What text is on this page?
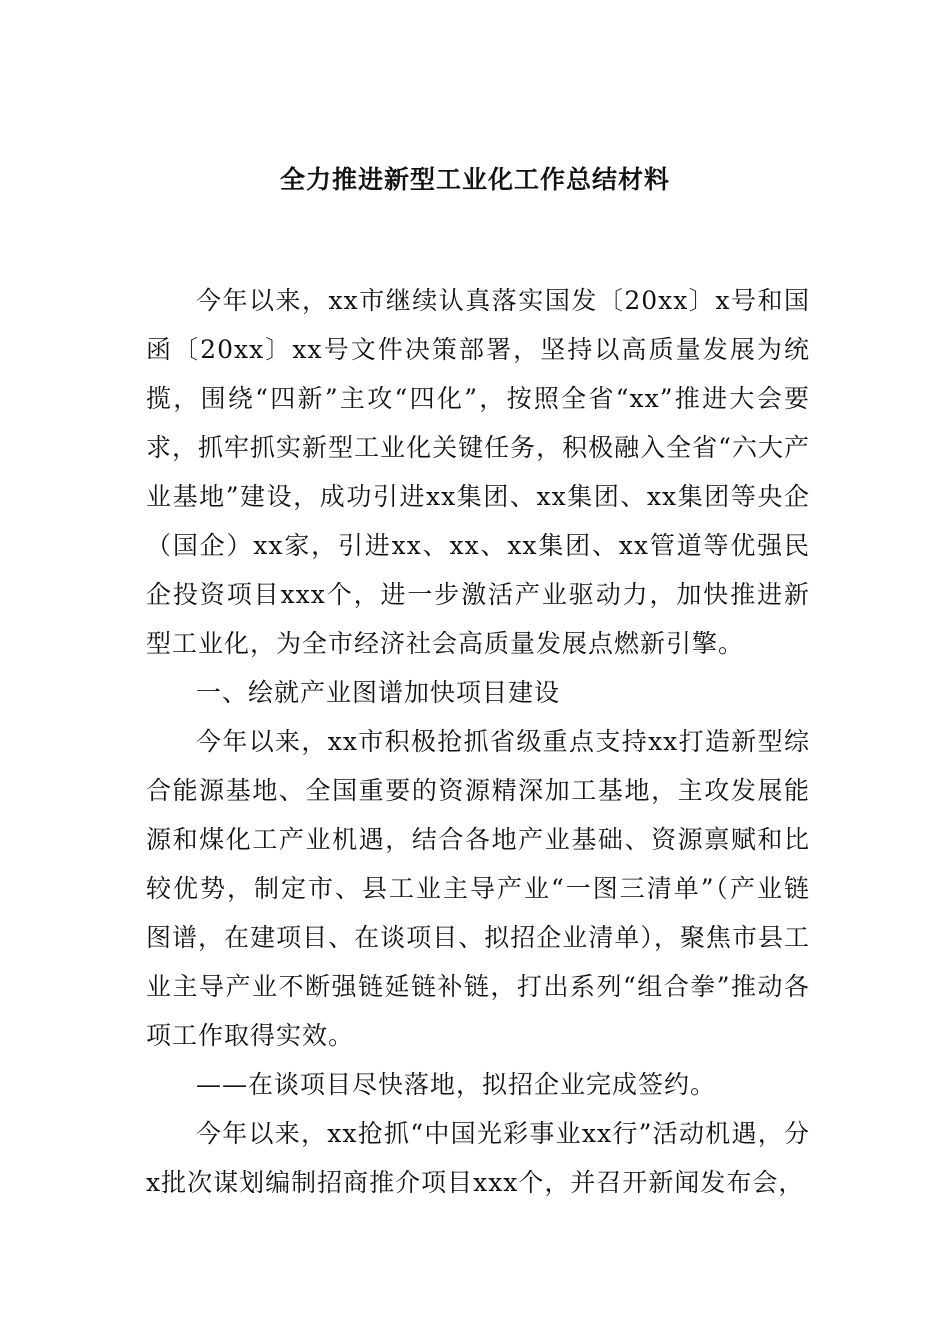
全力推进新型工业化工作总结材料

今年以来，xx市继续认真落实国发〔20xx〕x号和国函〔20xx〕xx号文件决策部署，坚持以高质量发展为统揽，围绕“四新”主攻“四化”，按照全省“xx”推进大会要求，抓牢抓实新型工业化关键任务，积极融入全省“六大产业基地”建设，成功引进xx集团、xx集团、xx集团等央企（国企）xx家，引进xx、xx、xx集团、xx管道等优强民企投资项目xxx个，进一步激活产业驱动力，加快推进新型工业化，为全市经济社会高质量发展点燃新引擎。

一、绘就产业图谱加快项目建设

今年以来，xx市积极抢抓省级重点支持xx打造新型综合能源基地、全国重要的资源精深加工基地，主攻发展能源和煤化工产业机遇，结合各地产业基础、资源禀赋和比较优势，制定市、县工业主导产业“一图三清单”（产业链图谱，在建项目、在谈项目、拟招企业清单），聚焦市县工业主导产业不断强链延链补链，打出系列“组合拳”推动各项工作取得实效。

——在谈项目尽快落地，拟招企业完成签约。

今年以来，xx抢抓“中国光彩事业xx行”活动机遇，分x批次谋划编制招商推介项目xxx个，并召开新闻发布会，
